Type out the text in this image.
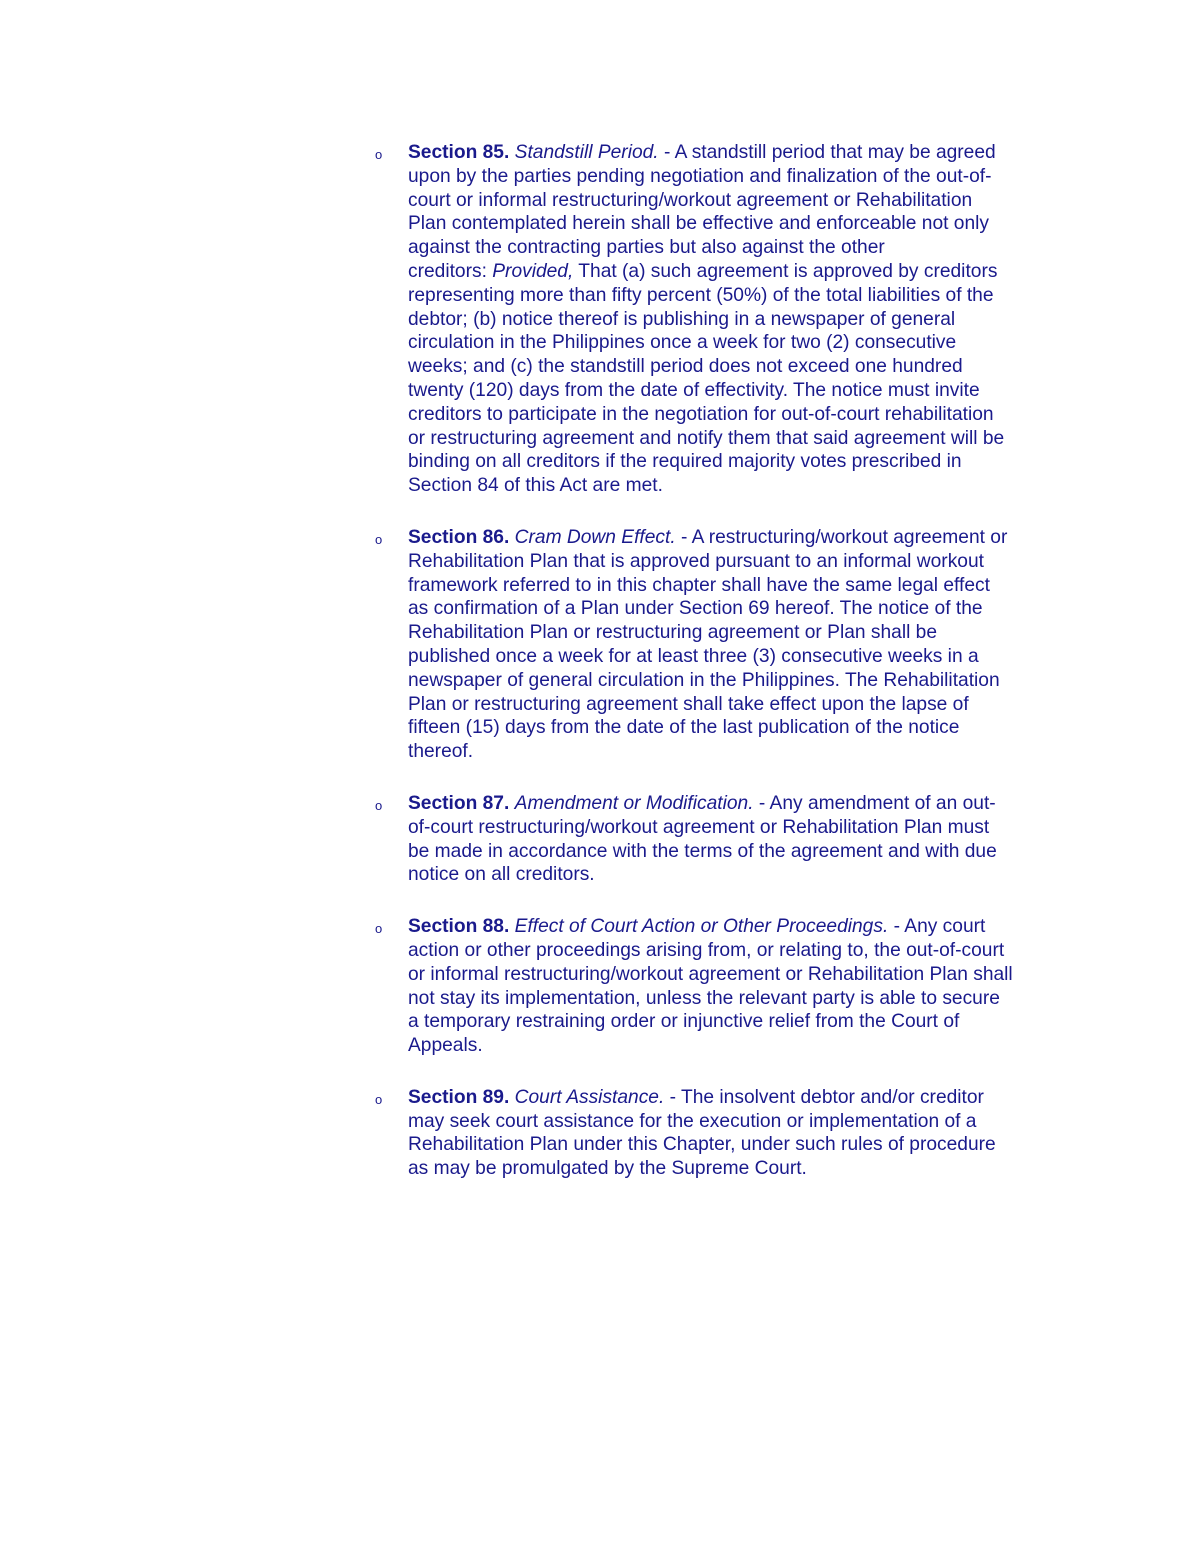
o Section 85. Standstill Period. - A standstill period that may be agreed
upon by the parties pending negotiation and finalization of the out-of-
court or informal restructuring/workout agreement or Rehabilitation
Plan contemplated herein shall be effective and enforceable not only
against the contracting parties but also against the other
creditors: Provided, That (a) such agreement is approved by creditors
representing more than fifty percent (50%) of the total liabilities of the
debtor; (b) notice thereof is publishing in a newspaper of general
circulation in the Philippines once a week for two (2) consecutive
weeks; and (c) the standstill period does not exceed one hundred
twenty (120) days from the date of effectivity. The notice must invite
creditors to participate in the negotiation for out-of-court rehabilitation
or restructuring agreement and notify them that said agreement will be
binding on all creditors if the required majority votes prescribed in
Section 84 of this Act are met.
o Section 86. Cram Down Effect. - A restructuring/workout agreement or
Rehabilitation Plan that is approved pursuant to an informal workout
framework referred to in this chapter shall have the same legal effect
as confirmation of a Plan under Section 69 hereof. The notice of the
Rehabilitation Plan or restructuring agreement or Plan shall be
published once a week for at least three (3) consecutive weeks in a
newspaper of general circulation in the Philippines. The Rehabilitation
Plan or restructuring agreement shall take effect upon the lapse of
fifteen (15) days from the date of the last publication of the notice
thereof.
o Section 87. Amendment or Modification. - Any amendment of an out-
of-court restructuring/workout agreement or Rehabilitation Plan must
be made in accordance with the terms of the agreement and with due
notice on all creditors.
o Section 88. Effect of Court Action or Other Proceedings. - Any court
action or other proceedings arising from, or relating to, the out-of-court
or informal restructuring/workout agreement or Rehabilitation Plan shall
not stay its implementation, unless the relevant party is able to secure
a temporary restraining order or injunctive relief from the Court of
Appeals.
o Section 89. Court Assistance. - The insolvent debtor and/or creditor
may seek court assistance for the execution or implementation of a
Rehabilitation Plan under this Chapter, under such rules of procedure
as may be promulgated by the Supreme Court.
